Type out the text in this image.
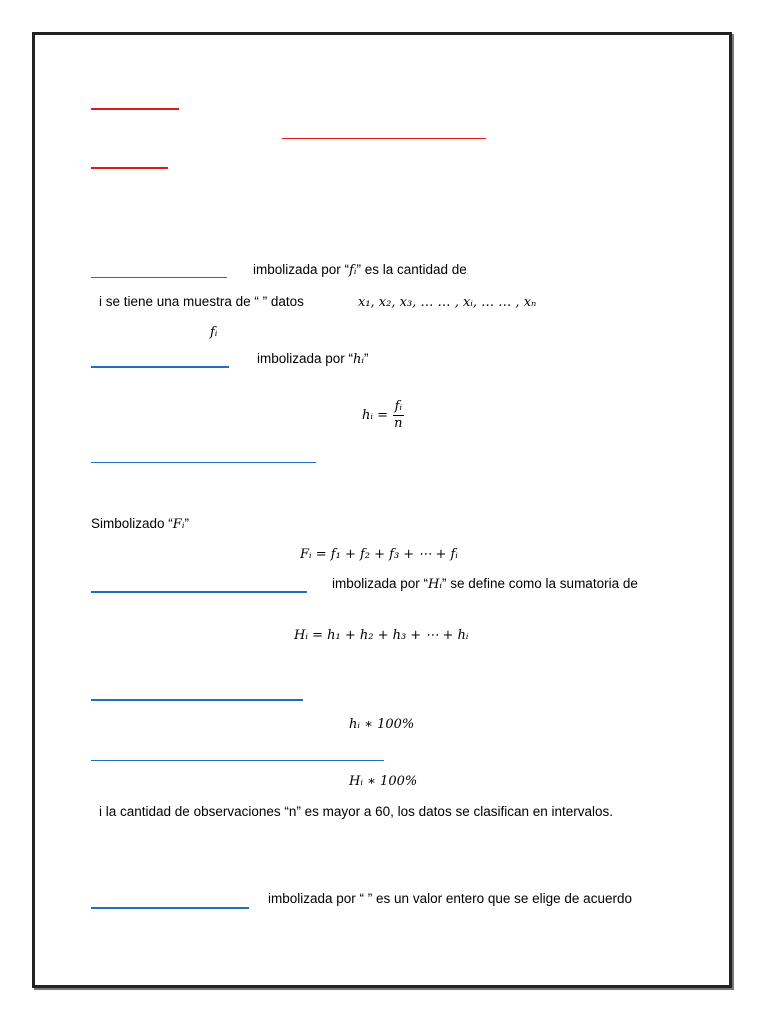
imbolizada por “fᵢ” es la cantidad de
i se tiene una muestra de “ ” datos	x₁, x₂, x₃, … … , xᵢ, … … , xₙ
fᵢ
imbolizada por “hᵢ”
hᵢ = $\frac{\text{fᵢ}}{n}$
Simbolizado “Fᵢ”
Fᵢ = f₁ + f₂ + f₃ + ⋯ + fᵢ
imbolizada por “Hᵢ” se define como la sumatoria de
Hᵢ = h₁ + h₂ + h₃ + ⋯ + hᵢ
hᵢ ∗ 100%
Hᵢ ∗ 100%
i la cantidad de observaciones “n” es mayor a 60, los datos se clasifican en intervalos.
imbolizada por “ ” es un valor entero que se elige de acuerdo
